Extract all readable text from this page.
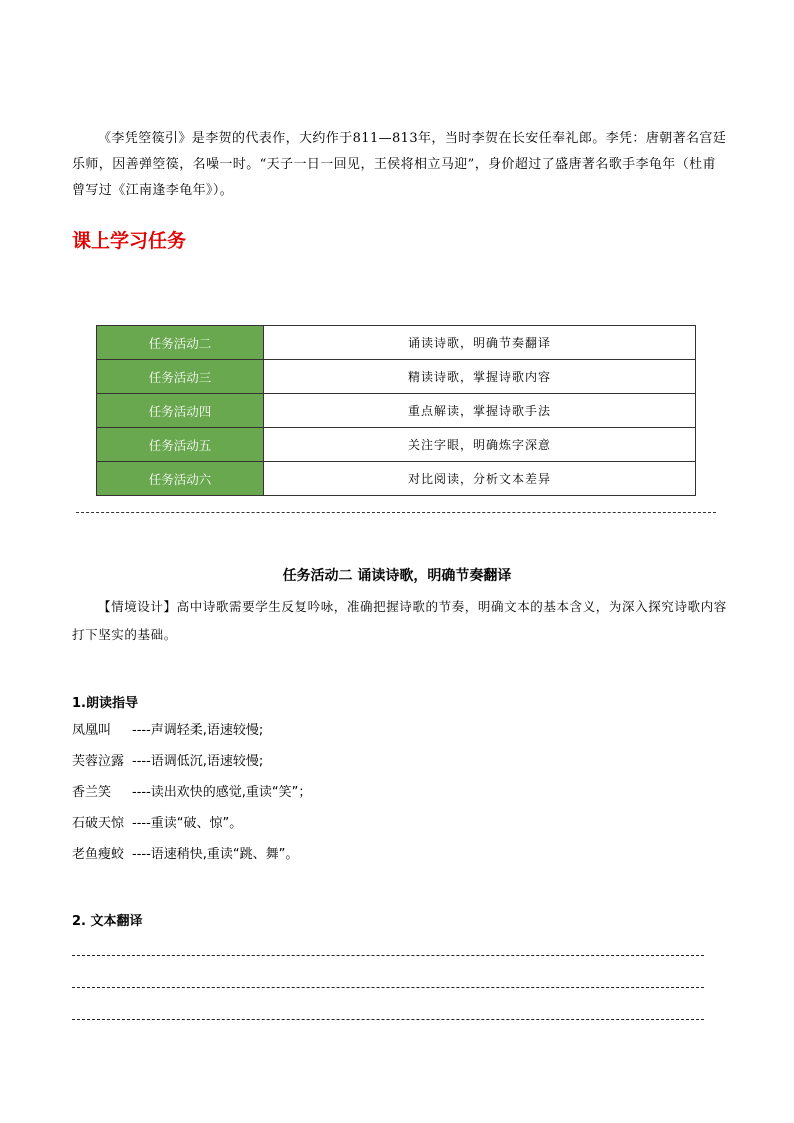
《李凭箜篌引》是李贺的代表作，大约作于811—813年，当时李贺在长安任奉礼郎。李凭：唐朝著名宫廷乐师，因善弹箜篌，名噪一时。“天子一日一回见，王侯将相立马迎”，身价超过了盛唐著名歌手李龟年（杜甫曾写过《江南逢李龟年》）。
课上学习任务
任务活动二	诵读诗歌，明确节奏翻译
任务活动三	精读诗歌，掌握诗歌内容
任务活动四	重点解读，掌握诗歌手法
任务活动五	关注字眼，明确炼字深意
任务活动六	对比阅读，分析文本差异
任务活动二 诵读诗歌，明确节奏翻译
【情境设计】高中诗歌需要学生反复吟咏，准确把握诗歌的节奏，明确文本的基本含义，为深入探究诗歌内容打下坚实的基础。
1.朗读指导
凤凰叫 ----声调轻柔,语速较慢;
芙蓉泣露 ----语调低沉,语速较慢;
香兰笑 ----读出欢快的感觉,重读“笑”；
石破天惊 ----重读“破、惊”。
老鱼瘦蛟 ----语速稍快,重读“跳、舞”。
2. 文本翻译
